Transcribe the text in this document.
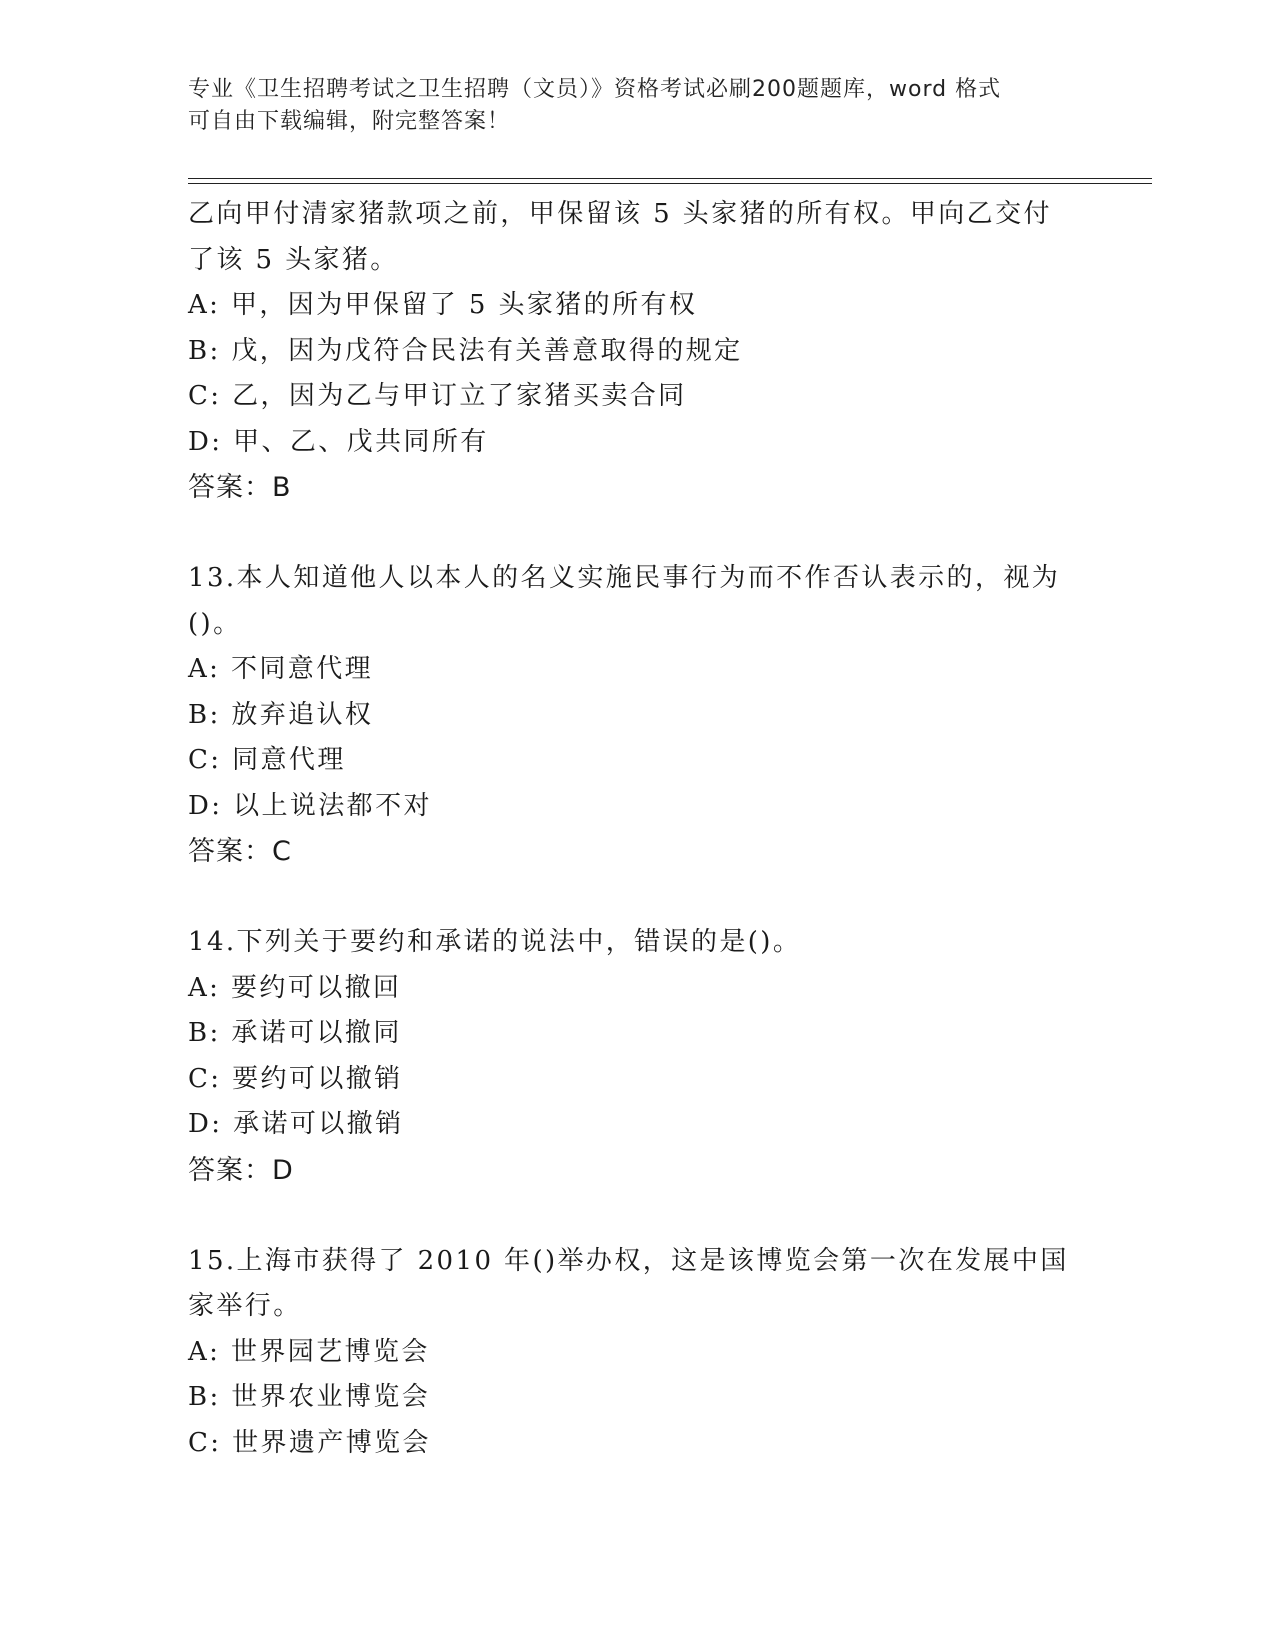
专业《卫生招聘考试之卫生招聘（文员）》资格考试必刷200题题库，word 格式
可自由下载编辑，附完整答案！
乙向甲付清家猪款项之前，甲保留该 5 头家猪的所有权。甲向乙交付
了该 5 头家猪。
A: 甲，因为甲保留了 5 头家猪的所有权
B: 戊，因为戊符合民法有关善意取得的规定
C: 乙，因为乙与甲订立了家猪买卖合同
D: 甲、乙、戊共同所有
答案：B
13.本人知道他人以本人的名义实施民事行为而不作否认表示的，视为
()。
A: 不同意代理
B: 放弃追认权
C: 同意代理
D: 以上说法都不对
答案：C
14.下列关于要约和承诺的说法中，错误的是()。
A: 要约可以撤回
B: 承诺可以撤同
C: 要约可以撤销
D: 承诺可以撤销
答案：D
15.上海市获得了 2010 年()举办权，这是该博览会第一次在发展中国
家举行。
A: 世界园艺博览会
B: 世界农业博览会
C: 世界遗产博览会
